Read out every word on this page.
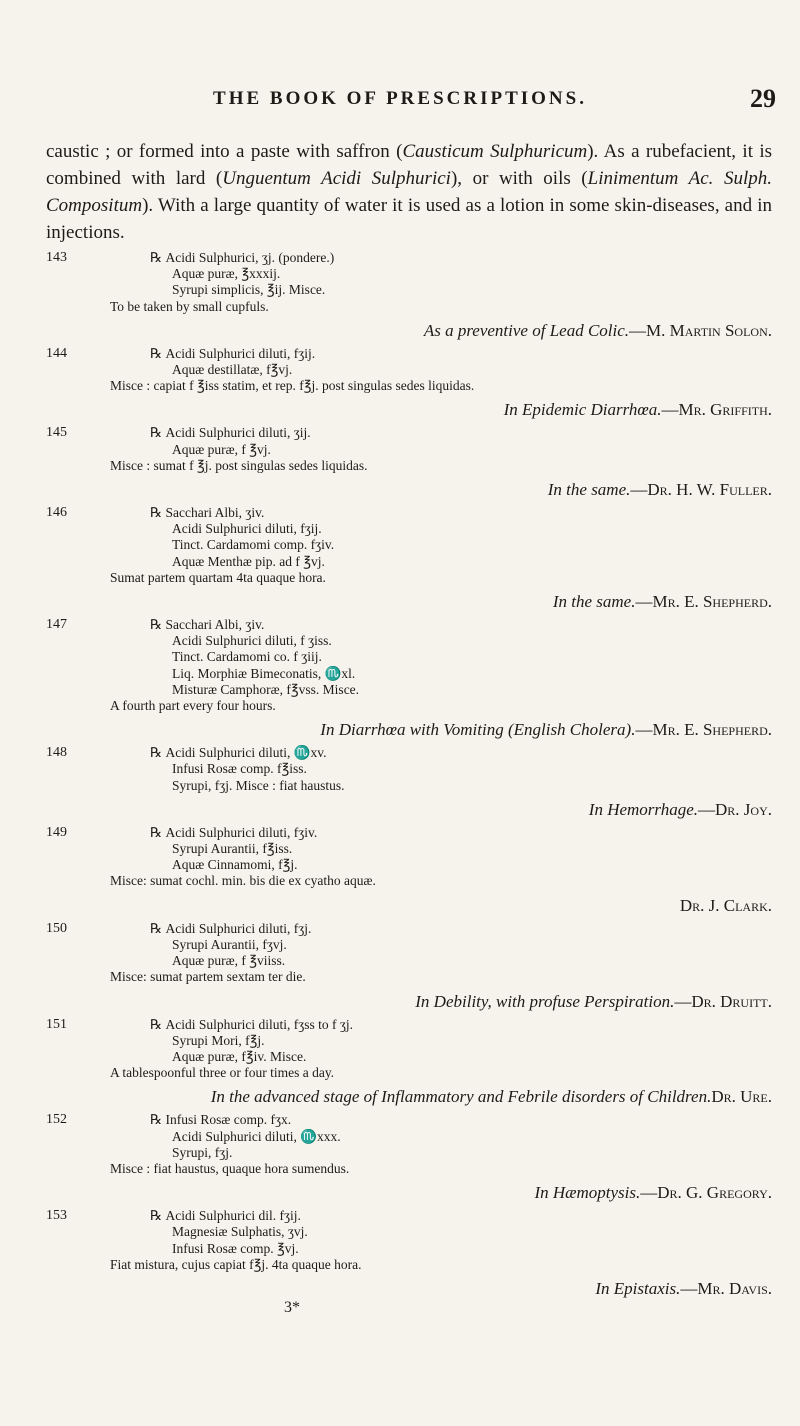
THE BOOK OF PRESCRIPTIONS.	29

caustic ; or formed into a paste with saffron (Causticum Sulphuricum). As a rubefacient, it is combined with lard (Unguentum Acidi Sulphurici), or with oils (Linimentum Ac. Sulph. Compositum). With a large quantity of water it is used as a lotion in some skin-diseases, and in injections.

143	℞ Acidi Sulphurici, ʒj. (pondere.)
Aquæ puræ, ℥xxxij.
Syrupi simplicis, ℥ij. Misce.
To be taken by small cupfuls.
As a preventive of Lead Colic.—M. Martin Solon.
144	℞ Acidi Sulphurici diluti, fʒij.
Aquæ destillatæ, f℥vj.
Misce : capiat f ℥iss statim, et rep. f℥j. post singulas sedes liquidas.
In Epidemic Diarrhœa.—Mr. Griffith.
145	℞ Acidi Sulphurici diluti, ʒij.
Aquæ puræ, f ℥vj.
Misce : sumat f ℥j. post singulas sedes liquidas.
In the same.—Dr. H. W. Fuller.
146	℞ Sacchari Albi, ʒiv.
Acidi Sulphurici diluti, fʒij.
Tinct. Cardamomi comp. fʒiv.
Aquæ Menthæ pip. ad f ℥vj.
Sumat partem quartam 4ta quaque hora.
In the same.—Mr. E. Shepherd.
147	℞ Sacchari Albi, ʒiv.
Acidi Sulphurici diluti, f ʒiss.
Tinct. Cardamomi co. f ʒiij.
Liq. Morphiæ Bimeconatis, ♏xl.
Misturæ Camphoræ, f℥vss. Misce.
A fourth part every four hours.
In Diarrhœa with Vomiting (English Cholera).—Mr. E. Shepherd.
148	℞ Acidi Sulphurici diluti, ♏xv.
Infusi Rosæ comp. f℥iss.
Syrupi, fʒj. Misce : fiat haustus.
In Hemorrhage.—Dr. Joy.
149	℞ Acidi Sulphurici diluti, fʒiv.
Syrupi Aurantii, f℥iss.
Aquæ Cinnamomi, f℥j.
Misce: sumat cochl. min. bis die ex cyatho aquæ.
Dr. J. Clark.
150	℞ Acidi Sulphurici diluti, fʒj.
Syrupi Aurantii, fʒvj.
Aquæ puræ, f ℥viiss.
Misce: sumat partem sextam ter die.
In Debility, with profuse Perspiration.—Dr. Druitt.
151	℞ Acidi Sulphurici diluti, fʒss to f ʒj.
Syrupi Mori, f℥j.
Aquæ puræ, f℥iv. Misce.
A tablespoonful three or four times a day.
In the advanced stage of Inflammatory and Febrile disorders of Children.Dr. Ure.
152	℞ Infusi Rosæ comp. fʒx.
Acidi Sulphurici diluti, ♏xxx.
Syrupi, fʒj.
Misce : fiat haustus, quaque hora sumendus.
In Hæmoptysis.—Dr. G. Gregory.
153	℞ Acidi Sulphurici dil. fʒij.
Magnesiæ Sulphatis, ʒvj.
Infusi Rosæ comp. ℥vj.
Fiat mistura, cujus capiat f℥j. 4ta quaque hora.
In Epistaxis.—Mr. Davis.
3*
